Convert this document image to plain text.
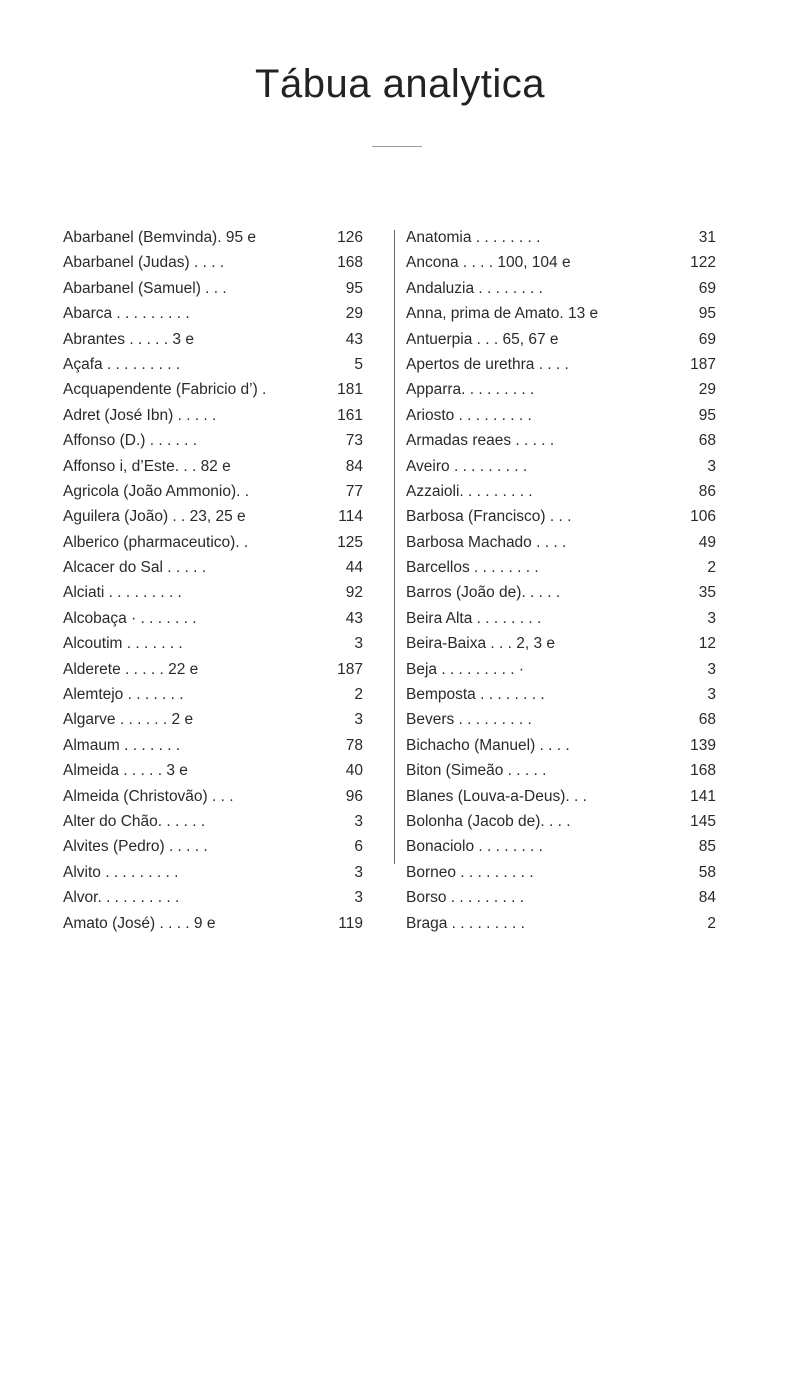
Tábua analytica
Abarbanel (Bemvinda). 95 e	126
Abarbanel (Judas) . . . .	168
Abarbanel (Samuel) . . .	95
Abarca . . . . . . . . .	29
Abrantes . . . . . 3 e	43
Açafa . . . . . . . . .	5
Acquapendente (Fabricio d’) .	181
Adret (José Ibn) . . . . .	161
Affonso (D.) . . . . . .	73
Affonso i, d’Este. . . 82 e	84
Agricola (João Ammonio). .	77
Aguilera (João) . . 23, 25 e	114
Alberico (pharmaceutico). .	125
Alcacer do Sal . . . . .	44
Alciati . . . . . . . . .	92
Alcobaça · . . . . . . .	43
Alcoutim . . . . . . .	3
Alderete . . . . . 22 e	187
Alemtejo . . . . . . .	2
Algarve . . . . . . 2 e	3
Almaum . . . . . . .	78
Almeida . . . . . 3 e	40
Almeida (Christovão) . . .	96
Alter do Chão. . . . . .	3
Alvites (Pedro) . . . . .	6
Alvito . . . . . . . . .	3
Alvor. . . . . . . . . .	3
Amato (José) . . . . 9 e	119
Anatomia . . . . . . . .	31
Ancona . . . . 100, 104 e	122
Andaluzia . . . . . . . .	69
Anna, prima de Amato. 13 e	95
Antuerpia . . . 65, 67 e	69
Apertos de urethra . . . .	187
Apparra. . . . . . . . .	29
Ariosto . . . . . . . . .	95
Armadas reaes . . . . .	68
Aveiro . . . . . . . . .	3
Azzaioli. . . . . . . . .	86
Barbosa (Francisco) . . .	106
Barbosa Machado . . . .	49
Barcellos . . . . . . . .	2
Barros (João de). . . . .	35
Beira Alta . . . . . . . .	3
Beira-Baixa . . . 2, 3 e	12
Beja . . . . . . . . . ·	3
Bemposta . . . . . . . .	3
Bevers . . . . . . . . .	68
Bichacho (Manuel) . . . .	139
Biton (Simeão . . . . .	168
Blanes (Louva-a-Deus). . .	141
Bolonha (Jacob de). . . .	145
Bonaciolo . . . . . . . .	85
Borneo . . . . . . . . .	58
Borso . . . . . . . . .	84
Braga . . . . . . . . .	2
